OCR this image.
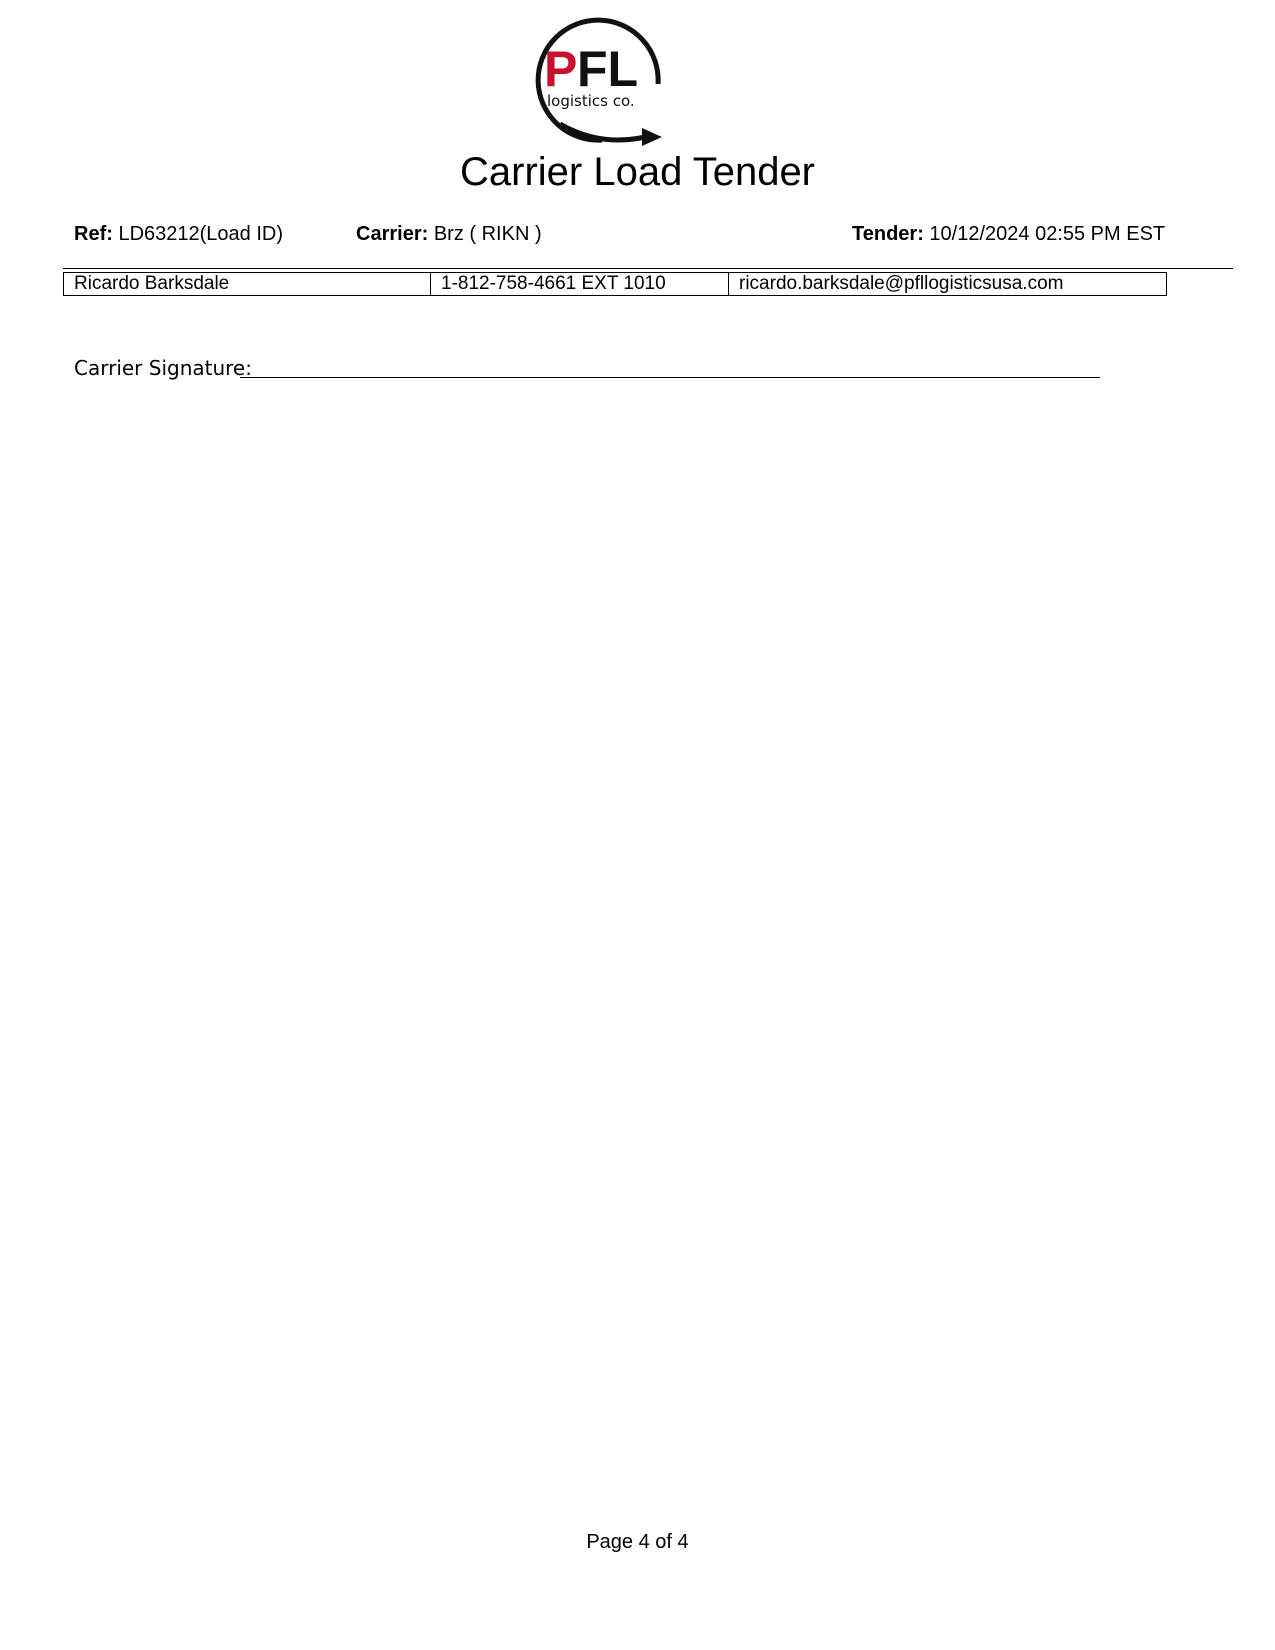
P FL
logistics co.
Carrier Load Tender
Ref: LD63212(Load ID)	Carrier: Brz ( RIKN )	Tender: 10/12/2024 02:55 PM EST
Ricardo Barksdale	1-812-758-4661 EXT 1010	ricardo.barksdale@pfllogisticsusa.com
Carrier Signature:
Page 4 of 4
